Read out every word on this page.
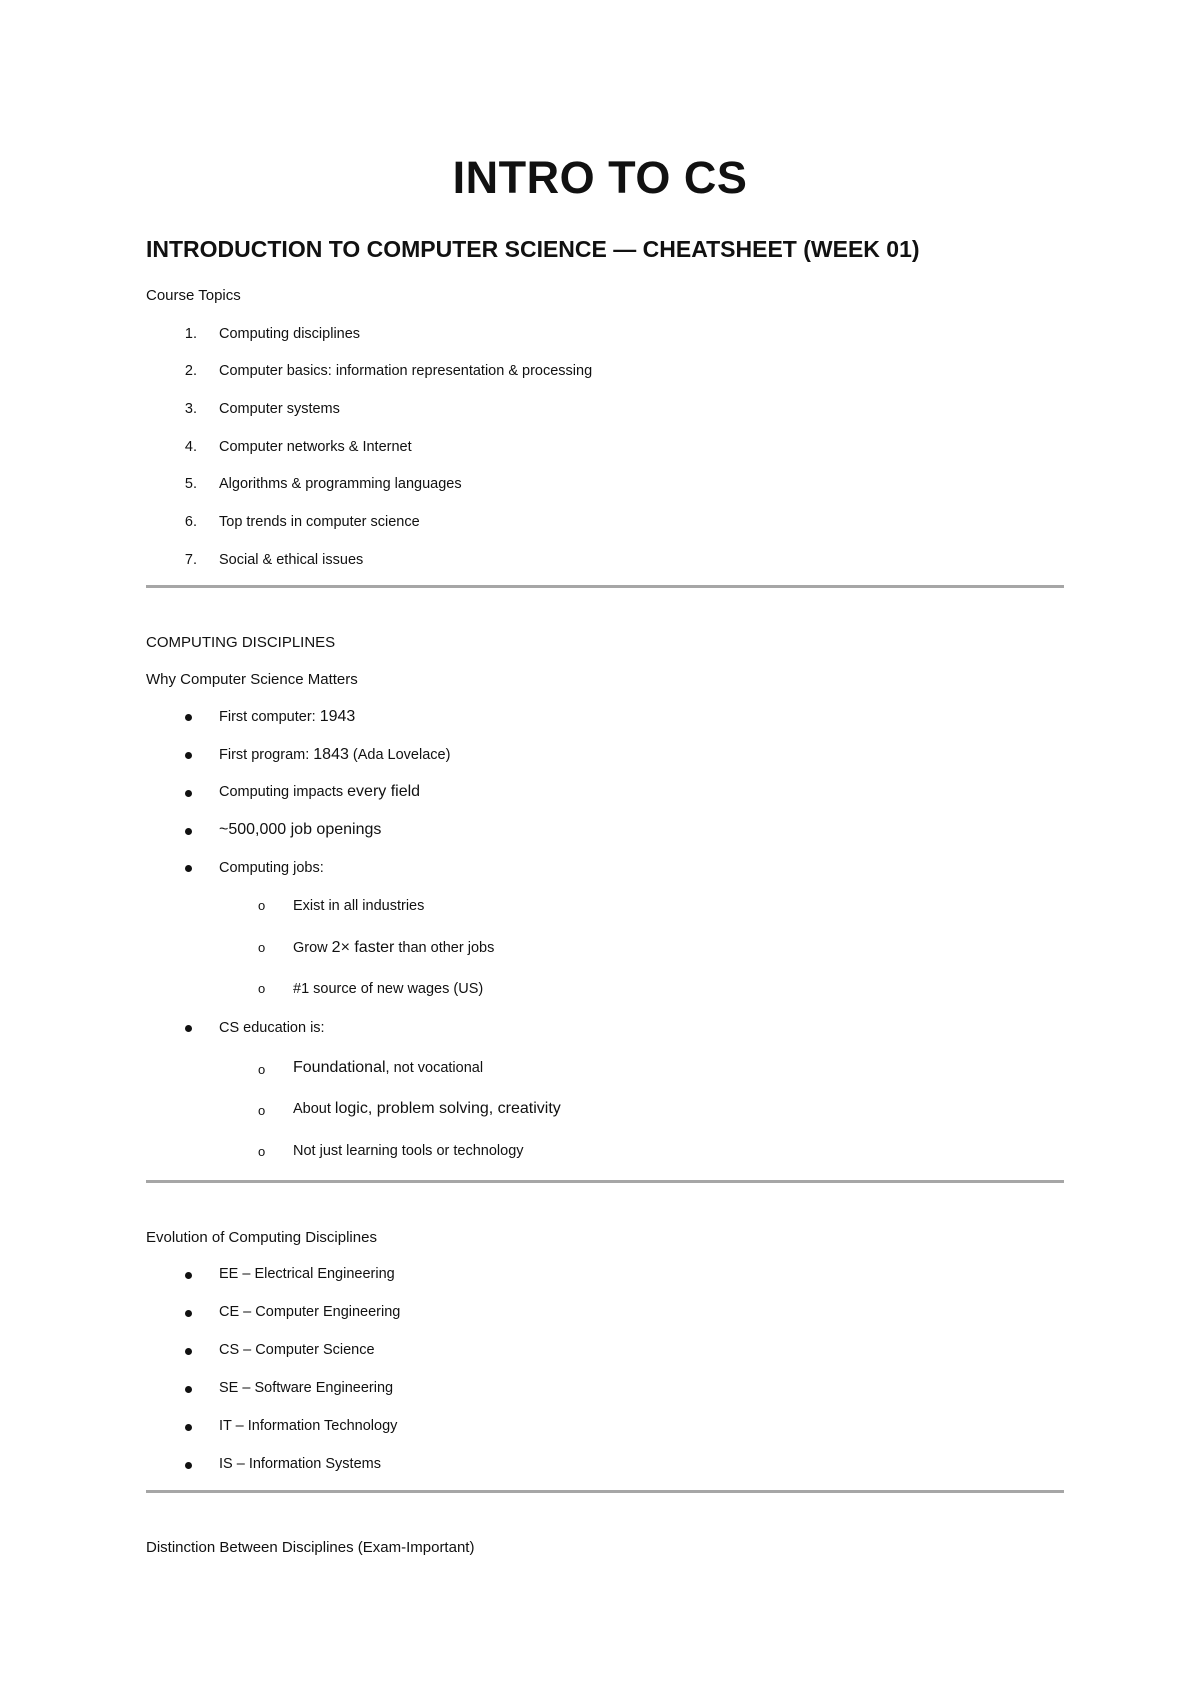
INTRO TO CS
INTRODUCTION TO COMPUTER SCIENCE — CHEATSHEET (WEEK 01)
Course Topics
1. Computing disciplines
2. Computer basics: information representation & processing
3. Computer systems
4. Computer networks & Internet
5. Algorithms & programming languages
6. Top trends in computer science
7. Social & ethical issues
COMPUTING DISCIPLINES
Why Computer Science Matters
First computer: 1943
First program: 1843 (Ada Lovelace)
Computing impacts every field
~500,000 job openings
Computing jobs:
o Exist in all industries
o Grow 2× faster than other jobs
o #1 source of new wages (US)
CS education is:
o Foundational, not vocational
o About logic, problem solving, creativity
o Not just learning tools or technology
Evolution of Computing Disciplines
EE – Electrical Engineering
CE – Computer Engineering
CS – Computer Science
SE – Software Engineering
IT – Information Technology
IS – Information Systems
Distinction Between Disciplines (Exam-Important)
